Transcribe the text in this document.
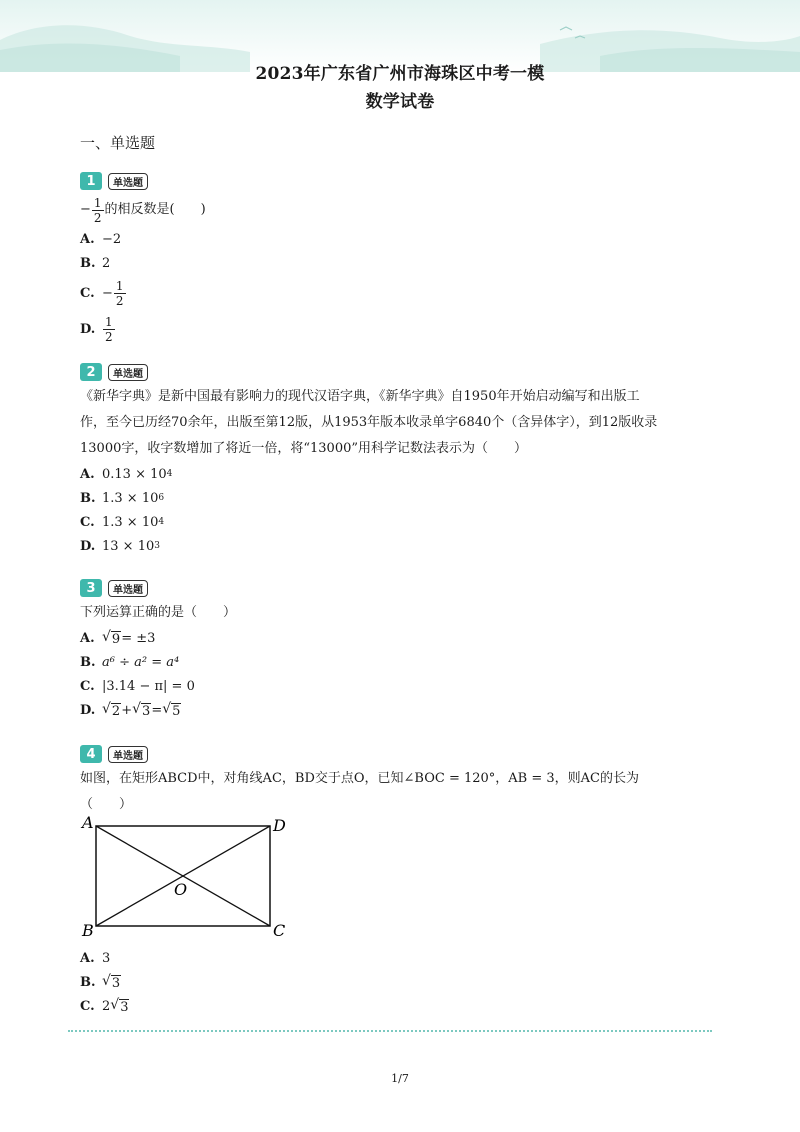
2023年广东省广州市海珠区中考一模
数学试卷
一、单选题
1	单选题
− $\frac{1}{2}$ 的相反数是(　　)
A. −2
B. 2
C. − $\frac{1}{2}$
D. $\frac{1}{2}$
2	单选题
《新华字典》是新中国最有影响力的现代汉语字典，《新华字典》自1950年开始启动编写和出版工
作，至今已历经70余年，出版至第12版，从1953年版本收录单字6840个（含异体字），到12版收录
13000字，收字数增加了将近一倍，将“13000”用科学记数法表示为（　　）
A. 0.13 × 10 4
B. 1.3 × 10 6
C. 1.3 × 10 4
D. 13 × 10 3
3	单选题
下列运算正确的是（　　）
A. √ 9 = ±3
B. a⁶ ÷ a² = a⁴
C. |3.14 − π| = 0
D. √ 2 + √ 3 = √ 5
4	单选题
如图，在矩形ABCD中，对角线AC，BD交于点O，已知∠BOC = 120°，AB = 3，则AC的长为
（　　）
A
B	C
D
O
A. 3
B. √ 3
C. 2 √ 3
1/7
